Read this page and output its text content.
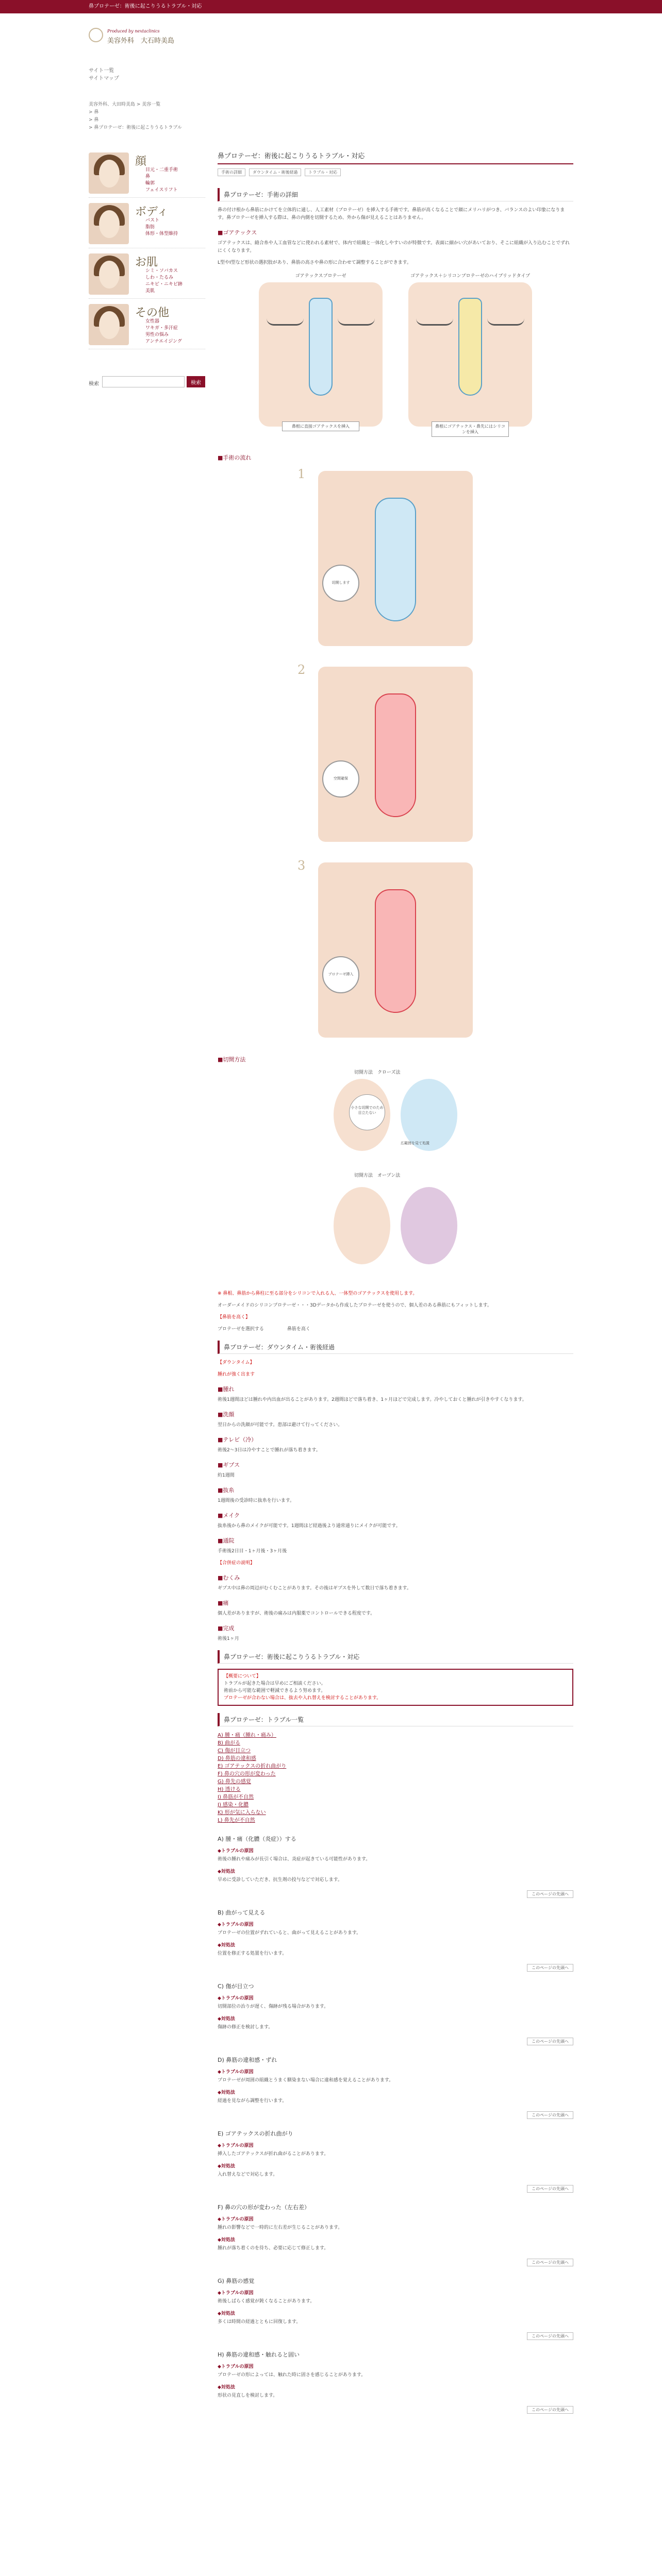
鼻プロテーゼ：術後に起こりうるトラブル・対応
Produced by nextaclinics
美容外科　大石時美島
サイト一覧 サイトマップ
美容外科、大田時美島 > 美容一覧
> 鼻
> 鼻
> 鼻プロテーゼ：術後に起こりうるトラブル
顔
目元・二重手術
鼻
輪郭
フェイスリフト
ボディ
バスト
脂肪
体形・体型維持
お肌
シミ・ソバカス
しわ・たるみ
ニキビ・ニキビ跡
美肌
その他
女性器
ワキガ・多汗症
男性の悩み
アンチエイジング
検索	検索
鼻プロテーゼ：術後に起こりうるトラブル・対応
手術の詳細	ダウンタイム・術後経過	トラブル・対応
鼻プロテーゼ：手術の詳細

鼻の付け根から鼻筋にかけてを立体的に通し、人工素材（プロテーゼ）を挿入する手術です。鼻筋が高くなることで顔にメリハリがつき、バランスのよい印象になります。鼻プロテーゼを挿入する際は、鼻の内側を切開するため、外から傷が見えることはありません。

■ ゴアテックス

ゴアテックスは、縫合糸や人工血管などに使われる素材で、体内で組織と一体化しやすいのが特徴です。表面に細かい穴があいており、そこに組織が入り込むことでずれにくくなります。

L型やI型など形状の選択肢があり、鼻筋の高さや鼻の形に合わせて調整することができます。

ゴアテックスプロテーゼ
鼻根に直接ゴアテックスを挿入
ゴアテックス＋シリコンプロテーゼのハイブリッドタイプ
鼻根にゴアテックス・鼻先にはシリコンを挿入
■ 手術の流れ
1
切開します
2
空間確保
3
プロテーゼ挿入
■ 切開方法
切開方法　クローズ法
小さな切開でのため目立たない
広範囲を見て処置
切開方法　オープン法

※ 鼻根、鼻筋から鼻柱に至る部分をシリコンで入れる人、一体型のゴアテックスを使用します。

オーダーメイドのシリコンプロテーゼ・・・3Dデータから作成したプロテーゼを使うので、個人差のある鼻筋にもフィットします。

【鼻筋を高く】

プロテーゼを選択する　　　　　鼻筋を高く

鼻プロテーゼ：ダウンタイム・術後経過

【ダウンタイム】

腫れが強く出ます

■ 腫れ

術後1週間ほどは腫れや内出血が出ることがあります。2週間ほどで落ち着き、1ヶ月ほどで完成します。冷やしておくと腫れが引きやすくなります。

■ 洗顔

翌日からの洗顔が可能です。患部は避けて行ってください。

■ テレビ（冷）

術後2〜3日は冷やすことで腫れが落ち着きます。

■ ギプス

約1週間

■ 抜糸

1週間後の受診時に抜糸を行います。

■ メイク

抜糸後から鼻のメイクが可能です。1週間ほど経過後より通常通りにメイクが可能です。

■ 通院

手術後2日目・1ヶ月後・3ヶ月後

【合併症の説明】

■ むくみ

ギプス中は鼻の周辺がむくむことがあります。その後はギプスを外して数日で落ち着きます。

■ 痛

個人差がありますが、術後の痛みは内服薬でコントロールできる程度です。

■ 完成

術後1ヶ月

鼻プロテーゼ：術後に起こりうるトラブル・対応

【概要について】

トラブルが起きた場合は早めにご相談ください。

術前から可能な範囲で軽減できるよう努めます。

プロテーゼが合わない場合は、抜去や入れ替えを検討することがあります。

鼻プロテーゼ：トラブル一覧
A) 腫・痛（腫れ・痛み）
B) 曲がる
C) 傷が目立つ
D) 鼻筋の違和感
E) ゴアテックスの折れ曲がり
F) 鼻の穴の形が変わった
G) 鼻先の感覚
H) 透ける
I) 鼻筋が不自然
J) 感染・化膿
K) 形が気に入らない
L) 鼻先が不自然
A) 腫・痛（化膿（炎症））する
◆トラブルの原因

術後の腫れや痛みが長引く場合は、炎症が起きている可能性があります。

◆対処法

早めに受診していただき、抗生剤の投与などで対応します。

このページの先頭へ
B) 曲がって見える
◆トラブルの原因

プロテーゼの位置がずれていると、曲がって見えることがあります。

◆対処法

位置を修正する処置を行います。

このページの先頭へ
C) 傷が目立つ
◆トラブルの原因

切開部位の治りが遅く、傷跡が残る場合があります。

◆対処法

傷跡の修正を検討します。

このページの先頭へ
D) 鼻筋の違和感・ずれ
◆トラブルの原因

プロテーゼが周囲の組織とうまく馴染まない場合に違和感を覚えることがあります。

◆対処法

経過を見ながら調整を行います。

このページの先頭へ
E) ゴアテックスの折れ曲がり
◆トラブルの原因

挿入したゴアテックスが折れ曲がることがあります。

◆対処法

入れ替えなどで対応します。

このページの先頭へ
F) 鼻の穴の形が変わった（左右差）
◆トラブルの原因

腫れの影響などで一時的に左右差が生じることがあります。

◆対処法

腫れが落ち着くのを待ち、必要に応じて修正します。

このページの先頭へ
G) 鼻筋の感覚
◆トラブルの原因

術後しばらく感覚が鈍くなることがあります。

◆対処法

多くは時間の経過とともに回復します。

このページの先頭へ
H) 鼻筋の違和感・触れると固い
◆トラブルの原因

プロテーゼの形によっては、触れた時に固さを感じることがあります。

◆対処法

形状の見直しを検討します。

このページの先頭へ
